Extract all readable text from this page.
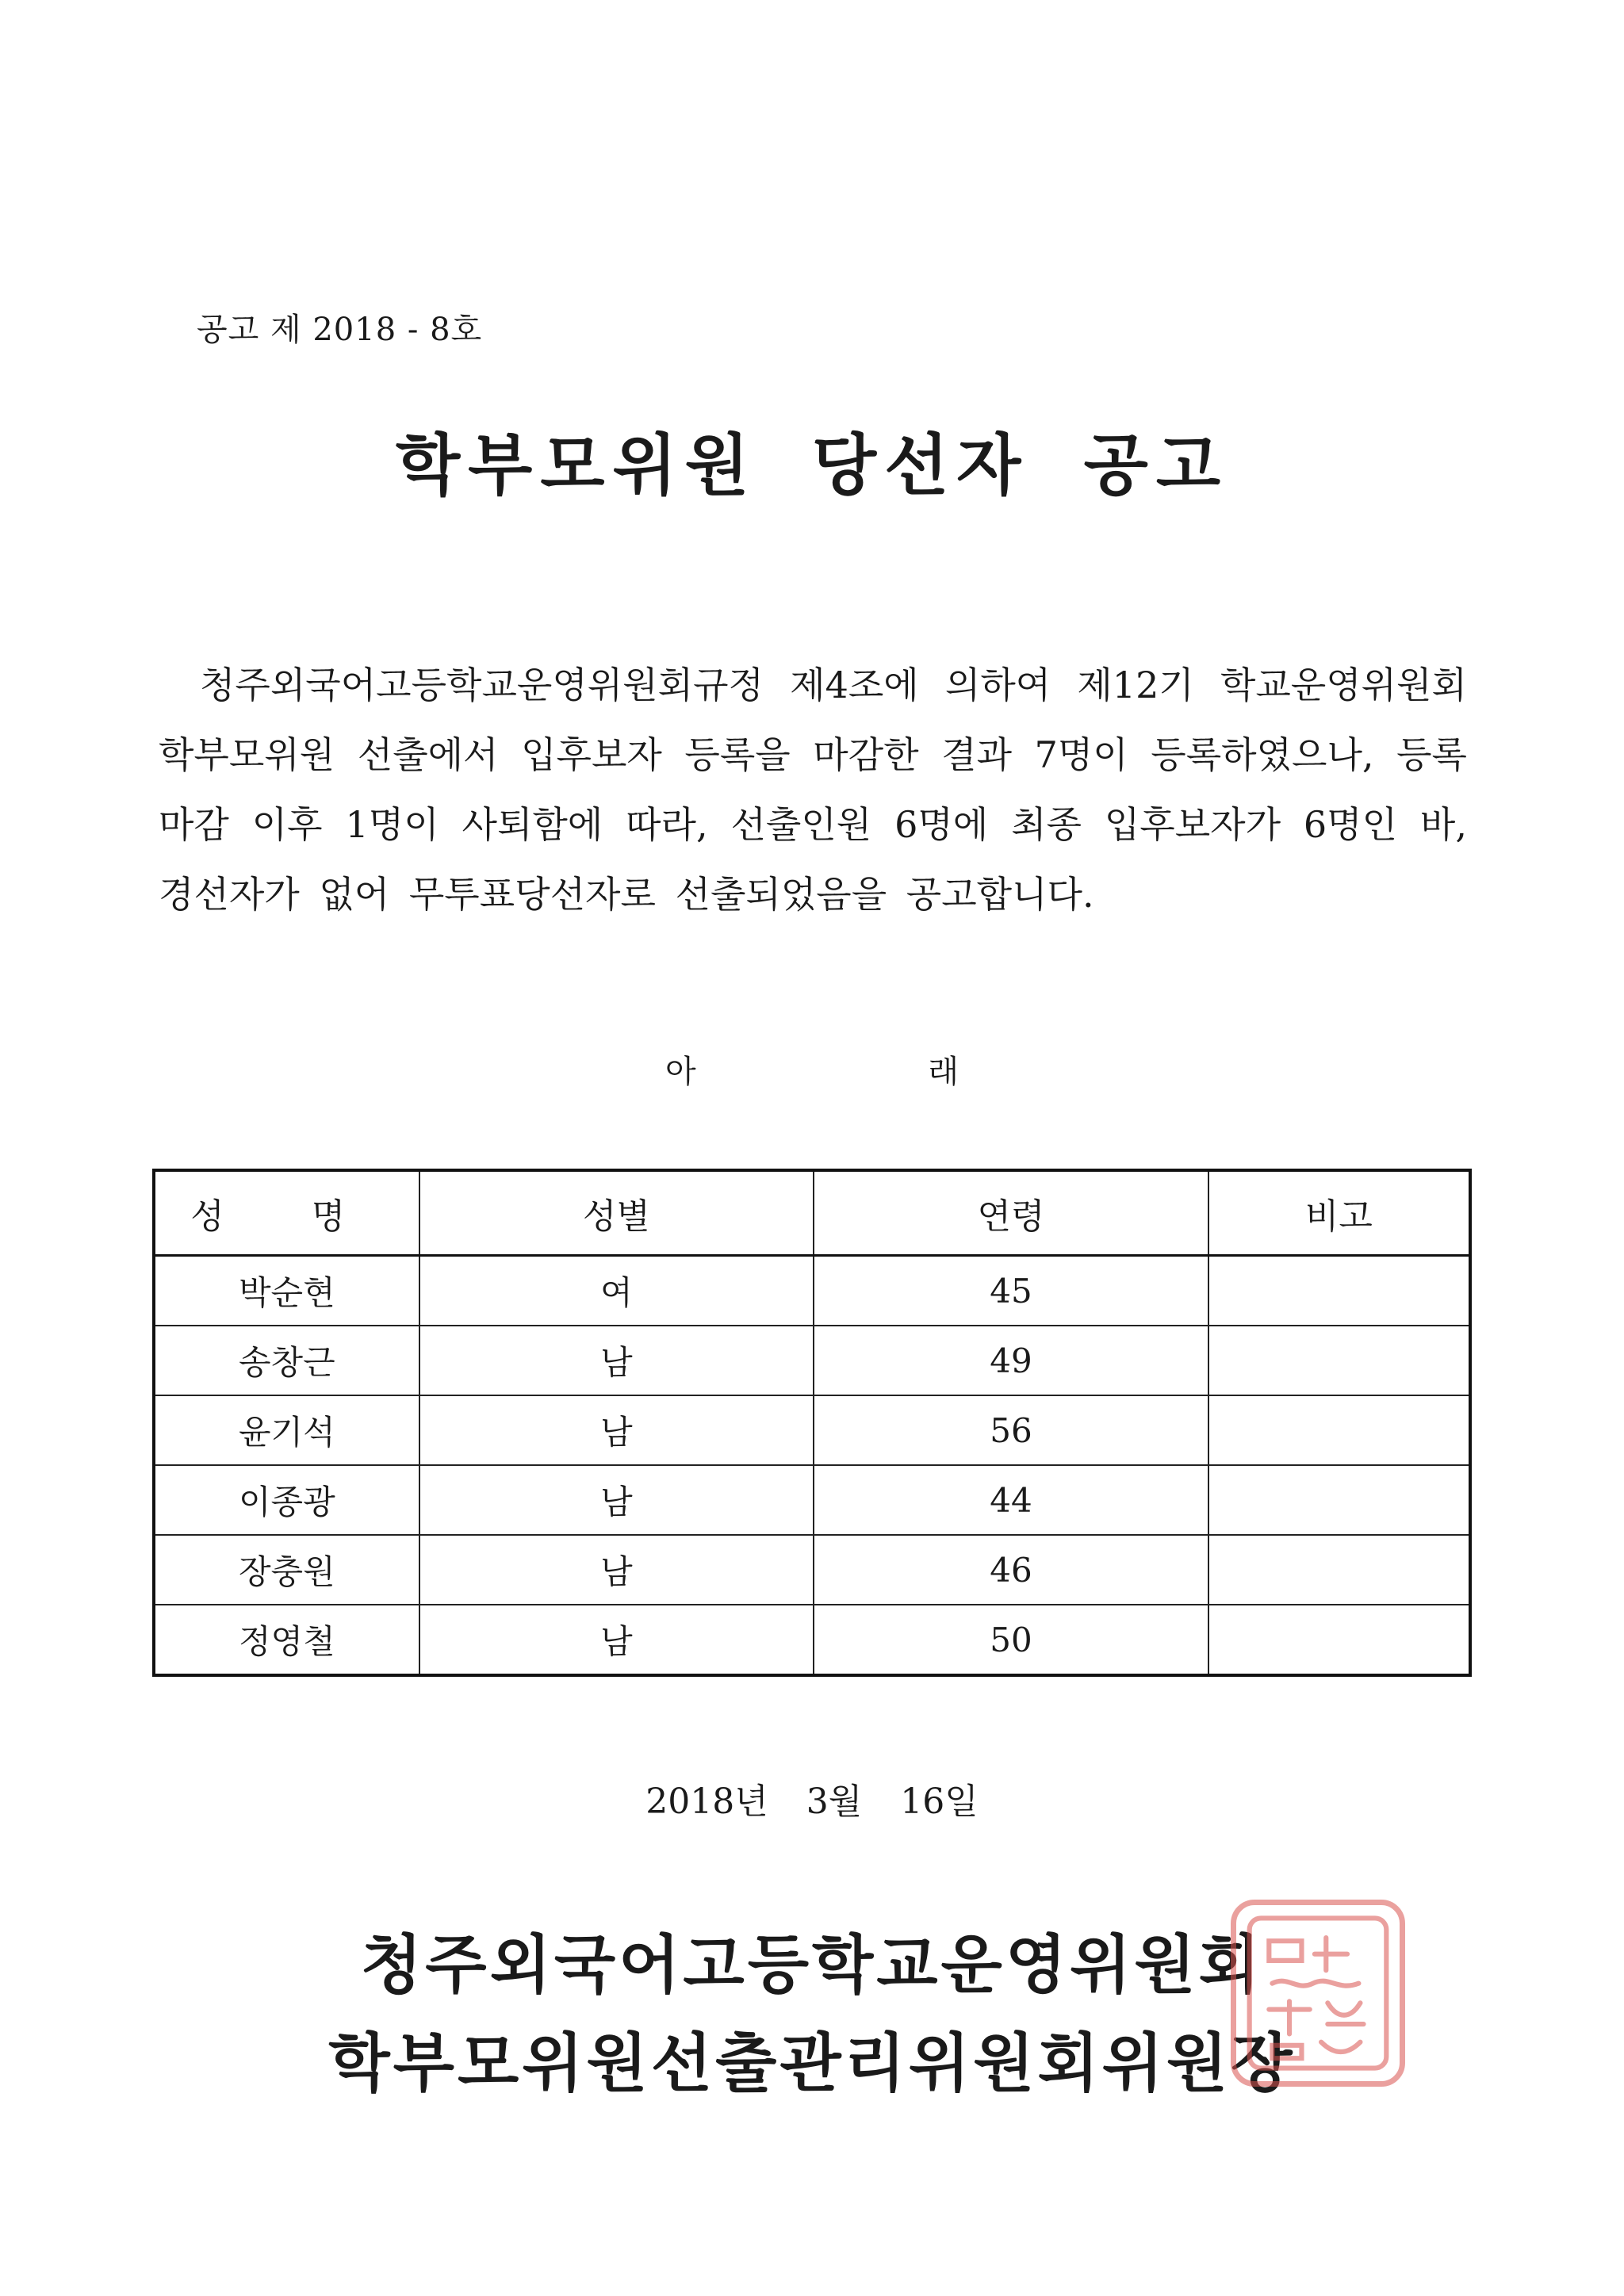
공고 제 2018 - 8호
학부모위원 당선자 공고
청주외국어고등학교운영위원회규정 제4조에 의하여 제12기 학교운영위원회 학부모위원 선출에서 입후보자 등록을 마감한 결과 7명이 등록하였으나, 등록 마감 이후 1명이 사퇴함에 따라, 선출인원 6명에 최종 입후보자가 6명인 바, 경선자가 없어 무투표당선자로 선출되었음을 공고합니다.
아 래
성 명	성별	연령	비고
박순현	여	45	
송창근	남	49	
윤기석	남	56	
이종광	남	44	
장충원	남	46	
정영철	남	50	
2018년 3월 16일
청주외국어고등학교운영위원회
학부모위원선출관리위원회위원장
